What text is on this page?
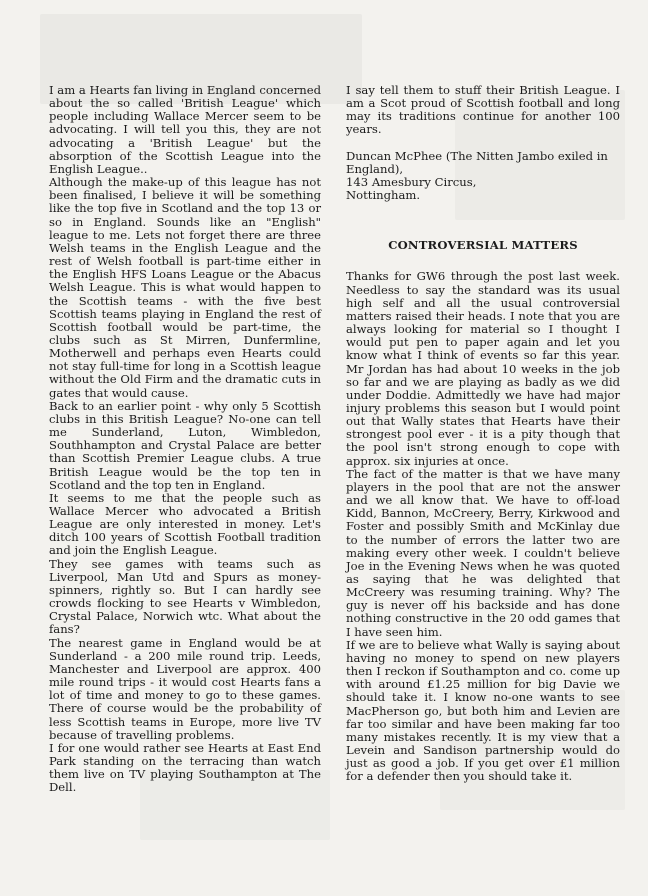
I am a Hearts fan living in England concerned about the so called 'British League' which people including Wallace Mercer seem to be advocating. I will tell you this, they are not advocating a 'British League' but the absorption of the Scottish League into the English League..

Although the make-up of this league has not been finalised, I believe it will be something like the top five in Scotland and the top 13 or so in England. Sounds like an "English" league to me. Lets not forget there are three Welsh teams in the English League and the rest of Welsh football is part-time either in the English HFS Loans League or the Abacus Welsh League. This is what would happen to the Scottish teams - with the five best Scottish teams playing in England the rest of Scottish football would be part-time, the clubs such as St Mirren, Dunfermline, Motherwell and perhaps even Hearts could not stay full-time for long in a Scottish league without the Old Firm and the dramatic cuts in gates that would cause.

Back to an earlier point - why only 5 Scottish clubs in this British League? No-one can tell me Sunderland, Luton, Wimbledon, Southhampton and Crystal Palace are better than Scottish Premier League clubs. A true British League would be the top ten in Scotland and the top ten in England.

It seems to me that the people such as Wallace Mercer who advocated a British League are only interested in money. Let's ditch 100 years of Scottish Football tradition and join the English League.

They see games with teams such as Liverpool, Man Utd and Spurs as money-spinners, rightly so. But I can hardly see crowds flocking to see Hearts v Wimbledon, Crystal Palace, Norwich wtc. What about the fans?

The nearest game in England would be at Sunderland - a 200 mile round trip. Leeds, Manchester and Liverpool are approx. 400 mile round trips - it would cost Hearts fans a lot of time and money to go to these games. There of course would be the probability of less Scottish teams in Europe, more live TV because of travelling problems.

I for one would rather see Hearts at East End Park standing on the terracing than watch them live on TV playing Southampton at The Dell.

I say tell them to stuff their British League. I am a Scot proud of Scottish football and long may its traditions continue for another 100 years.

Duncan McPhee (The Nitten Jambo exiled in England),

143 Amesbury Circus,

Nottingham.

CONTROVERSIAL MATTERS

Thanks for GW6 through the post last week. Needless to say the standard was its usual high self and all the usual controversial matters raised their heads. I note that you are always looking for material so I thought I would put pen to paper again and let you know what I think of events so far this year. Mr Jordan has had about 10 weeks in the job so far and we are playing as badly as we did under Doddie. Admittedly we have had major injury problems this season but I would point out that Wally states that Hearts have their strongest pool ever - it is a pity though that the pool isn't strong enough to cope with approx. six injuries at once.

The fact of the matter is that we have many players in the pool that are not the answer and we all know that. We have to off-load Kidd, Bannon, McCreery, Berry, Kirkwood and Foster and possibly Smith and McKinlay due to the number of errors the latter two are making every other week. I couldn't believe Joe in the Evening News when he was quoted as saying that he was delighted that McCreery was resuming training. Why? The guy is never off his backside and has done nothing constructive in the 20 odd games that I have seen him.

If we are to believe what Wally is saying about having no money to spend on new players then I reckon if Southampton and co. come up with around £1.25 million for big Davie we should take it. I know no-one wants to see MacPherson go, but both him and Levien are far too similar and have been making far too many mistakes recently. It is my view that a Levein and Sandison partnership would do just as good a job. If you get over £1 million for a defender then you should take it.
